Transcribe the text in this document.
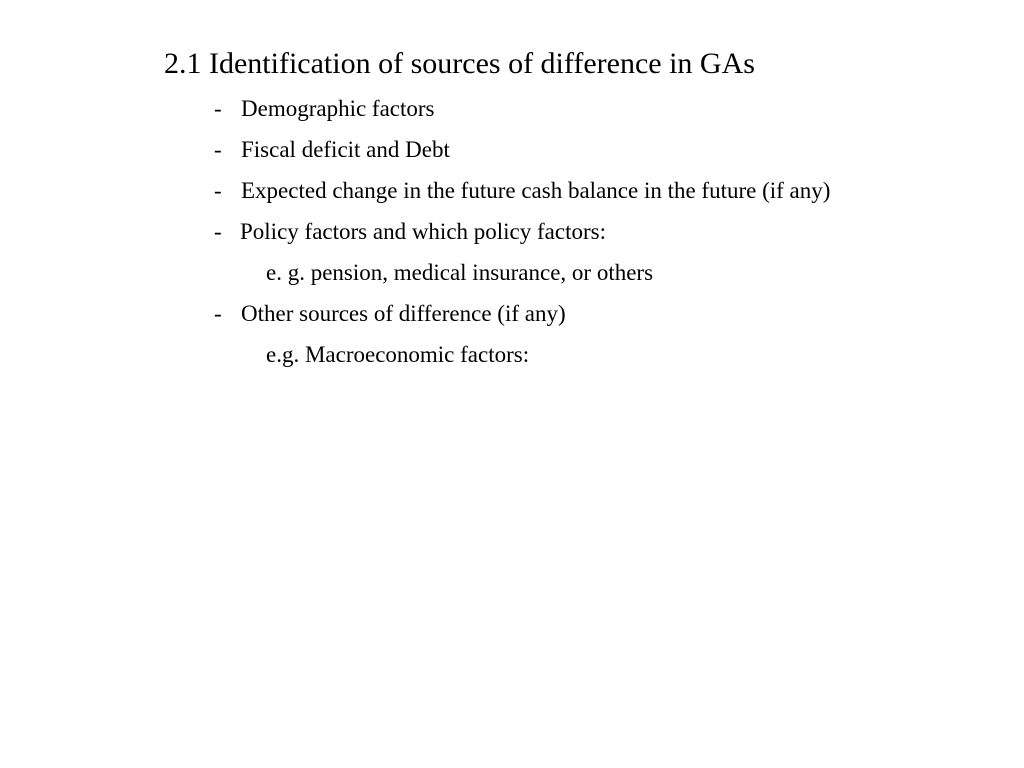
2.1 Identification of sources of difference in GAs
- Demographic factors
- Fiscal deficit and Debt
- Expected change in the future cash balance in the future (if any)
- Policy factors and which policy factors:
e. g. pension, medical insurance, or others
- Other sources of difference (if any)
e.g. Macroeconomic factors:
